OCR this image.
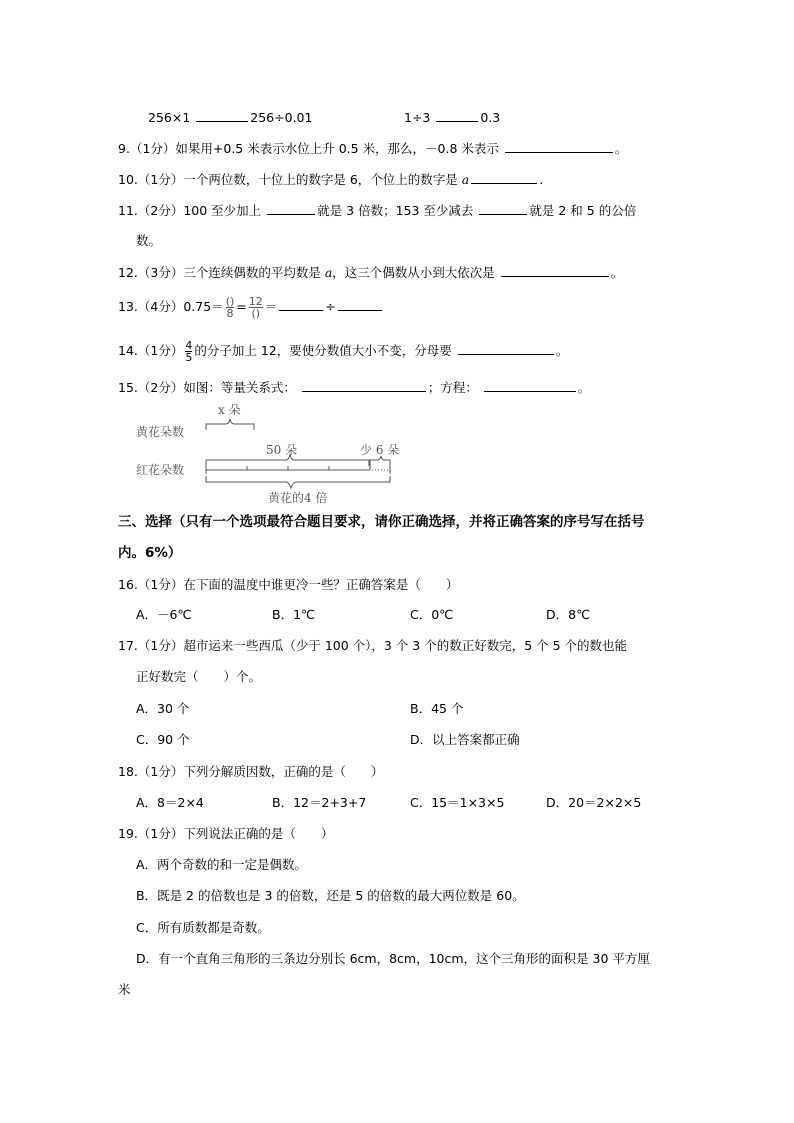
256×1	256÷0.01	1÷3	0.3
9.（1分）如果用+0.5 米表示水位上升 0.5 米，那么，－0.8 米表示	。
10.（1分）一个两位数，十位上的数字是 6，个位上的数字是 a	.
11.（2分）100 至少加上	就是 3 倍数；153 至少减去	就是 2 和 5 的公倍
数。
12.（3分）三个连续偶数的平均数是 a，这三个偶数从小到大依次是	。
13.（4分）$0.75= \frac{()}{8} = \frac{12}{()}$ ＝	÷
14.（1分） $\frac{4}{5}$ 的分子加上 12，要使分数值大小不变，分母要	。
15.（2分）如图：等量关系式：	；方程：	。
x 朵
黄花朵数
50 朵	少 6 朵
红花朵数
黄花的4 倍
三、选择（只有一个选项最符合题目要求，请你正确选择，并将正确答案的序号写在括号
内。6%）
16.（1分）在下面的温度中谁更冷一些？正确答案是（　　）
A．－6℃	B．1℃	C．0℃	D．8℃
17.（1分）超市运来一些西瓜（少于 100 个），3 个 3 个的数正好数完，5 个 5 个的数也能
正好数完（　　）个。
A．30 个	B．45 个
C．90 个	D．以上答案都正确
18.（1分）下列分解质因数，正确的是（　　）
A．8＝2×4	B．12＝2+3+7	C．15＝1×3×5	D．20＝2×2×5
19.（1分）下列说法正确的是（　　）
A．两个奇数的和一定是偶数。
B．既是 2 的倍数也是 3 的倍数，还是 5 的倍数的最大两位数是 60。
C．所有质数都是奇数。
D．有一个直角三角形的三条边分别长 6cm，8cm，10cm，这个三角形的面积是 30 平方厘
米
